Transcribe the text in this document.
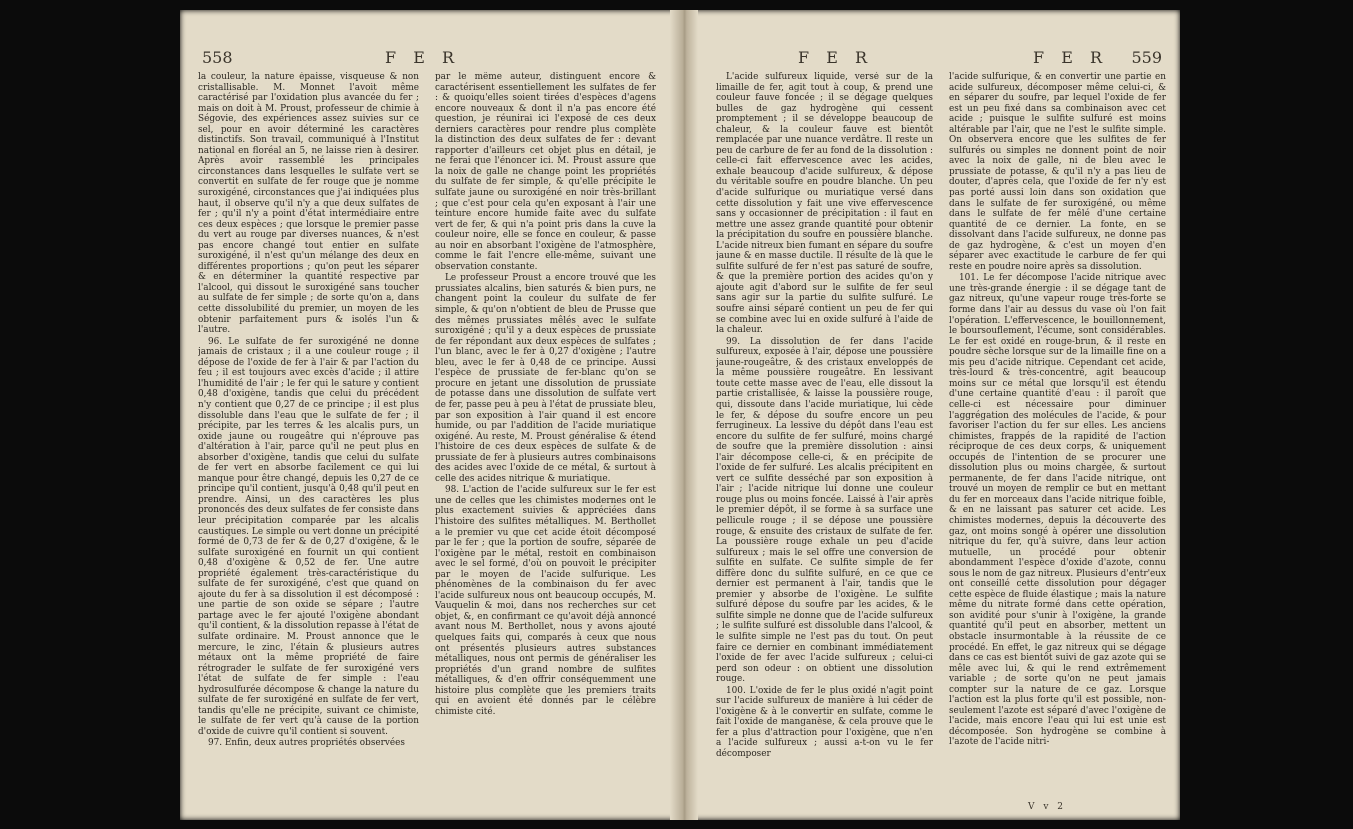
558	F E R

la couleur, la nature épaisse, visqueuse & non cristallisable. M. Monnet l'avoit même caractérisé par l'oxidation plus avancée du fer ; mais on doit à M. Proust, professeur de chimie à Ségovie, des expériences assez suivies sur ce sel, pour en avoir déterminé les caractères distinctifs. Son travail, communiqué à l'Institut national en floréal an 5, ne laisse rien à desirer. Après avoir rassemblé les principales circonstances dans lesquelles le sulfate vert se convertit en sulfate de fer rouge que je nomme suroxigéné, circonstances que j'ai indiquées plus haut, il observe qu'il n'y a que deux sulfates de fer ; qu'il n'y a point d'état intermédiaire entre ces deux espèces ; que lorsque le premier passe du vert au rouge par diverses nuances, & n'est pas encore changé tout entier en sulfate suroxigéné, il n'est qu'un mélange des deux en différentes proportions ; qu'on peut les séparer & en déterminer la quantité respective par l'alcool, qui dissout le suroxigéné sans toucher au sulfate de fer simple ; de sorte qu'on a, dans cette dissolubilité du premier, un moyen de les obtenir parfaitement purs & isolés l'un & l'autre.

96. Le sulfate de fer suroxigéné ne donne jamais de cristaux ; il a une couleur rouge ; il dépose de l'oxide de fer à l'air & par l'action du feu ; il est toujours avec excès d'acide ; il attire l'humidité de l'air ; le fer qui le sature y contient 0,48 d'oxigène, tandis que celui du précédent n'y contient que 0,27 de ce principe ; il est plus dissoluble dans l'eau que le sulfate de fer ; il précipite, par les terres & les alcalis purs, un oxide jaune ou rougeâtre qui n'éprouve pas d'altération à l'air, parce qu'il ne peut plus en absorber d'oxigène, tandis que celui du sulfate de fer vert en absorbe facilement ce qui lui manque pour être changé, depuis les 0,27 de ce principe qu'il contient, jusqu'à 0,48 qu'il peut en prendre. Ainsi, un des caractères les plus prononcés des deux sulfates de fer consiste dans leur précipitation comparée par les alcalis caustiques. Le simple ou vert donne un précipité formé de 0,73 de fer & de 0,27 d'oxigène, & le sulfate suroxigéné en fournit un qui contient 0,48 d'oxigène & 0,52 de fer. Une autre propriété également très-caractéristique du sulfate de fer suroxigéné, c'est que quand on ajoute du fer à sa dissolution il est décomposé : une partie de son oxide se sépare ; l'autre partage avec le fer ajouté l'oxigène abondant qu'il contient, & la dissolution repasse à l'état de sulfate ordinaire. M. Proust annonce que le mercure, le zinc, l'étain & plusieurs autres métaux ont la même propriété de faire rétrograder le sulfate de fer suroxigéné vers l'état de sulfate de fer simple : l'eau hydrosulfurée décompose & change la nature du sulfate de fer suroxigéné en sulfate de fer vert, tandis qu'elle ne précipite, suivant ce chimiste, le sulfate de fer vert qu'à cause de la portion d'oxide de cuivre qu'il contient si souvent.

97. Enfin, deux autres propriétés observées

par le même auteur, distinguent encore & caractérisent essentiellement les sulfates de fer : & quoiqu'elles soient tirées d'espèces d'agens encore nouveaux & dont il n'a pas encore été question, je réunirai ici l'exposé de ces deux derniers caractères pour rendre plus complète la distinction des deux sulfates de fer : devant rapporter d'ailleurs cet objet plus en détail, je ne ferai que l'énoncer ici. M. Proust assure que la noix de galle ne change point les propriétés du sulfate de fer simple, & qu'elle précipite le sulfate jaune ou suroxigéné en noir très-brillant ; que c'est pour cela qu'en exposant à l'air une teinture encore humide faite avec du sulfate vert de fer, & qui n'a point pris dans la cuve la couleur noire, elle se fonce en couleur, & passe au noir en absorbant l'oxigène de l'atmosphère, comme le fait l'encre elle-même, suivant une observation constante.

Le professeur Proust a encore trouvé que les prussiates alcalins, bien saturés & bien purs, ne changent point la couleur du sulfate de fer simple, & qu'on n'obtient de bleu de Prusse que des mêmes prussiates mêlés avec le sulfate suroxigéné ; qu'il y a deux espèces de prussiate de fer répondant aux deux espèces de sulfates ; l'un blanc, avec le fer à 0,27 d'oxigène ; l'autre bleu, avec le fer à 0,48 de ce principe. Aussi l'espèce de prussiate de fer-blanc qu'on se procure en jetant une dissolution de prussiate de potasse dans une dissolution de sulfate vert de fer, passe peu à peu à l'état de prussiate bleu, par son exposition à l'air quand il est encore humide, ou par l'addition de l'acide muriatique oxigéné. Au reste, M. Proust généralise & étend l'histoire de ces deux espèces de sulfate & de prussiate de fer à plusieurs autres combinaisons des acides avec l'oxide de ce métal, & surtout à celle des acides nitrique & muriatique.

98. L'action de l'acide sulfureux sur le fer est une de celles que les chimistes modernes ont le plus exactement suivies & appréciées dans l'histoire des sulfites métalliques. M. Berthollet a le premier vu que cet acide étoit décomposé par le fer ; que la portion de soufre, séparée de l'oxigène par le métal, restoit en combinaison avec le sel formé, d'où on pouvoit le précipiter par le moyen de l'acide sulfurique. Les phénomènes de la combinaison du fer avec l'acide sulfureux nous ont beaucoup occupés, M. Vauquelin & moi, dans nos recherches sur cet objet, &, en confirmant ce qu'avoit déjà annoncé avant nous M. Berthollet, nous y avons ajouté quelques faits qui, comparés à ceux que nous ont présentés plusieurs autres substances métalliques, nous ont permis de généraliser les propriétés d'un grand nombre de sulfites métalliques, & d'en offrir conséquemment une histoire plus complète que les premiers traits qui en avoient été donnés par le célèbre chimiste cité.

F E R	F E R 559

L'acide sulfureux liquide, versé sur de la limaille de fer, agit tout à coup, & prend une couleur fauve foncée ; il se dégage quelques bulles de gaz hydrogène qui cessent promptement ; il se développe beaucoup de chaleur, & la couleur fauve est bientôt remplacée par une nuance verdâtre. Il reste un peu de carbure de fer au fond de la dissolution : celle-ci fait effervescence avec les acides, exhale beaucoup d'acide sulfureux, & dépose du véritable soufre en poudre blanche. Un peu d'acide sulfurique ou muriatique versé dans cette dissolution y fait une vive effervescence sans y occasionner de précipitation : il faut en mettre une assez grande quantité pour obtenir la précipitation du soufre en poussière blanche. L'acide nitreux bien fumant en sépare du soufre jaune & en masse ductile. Il résulte de là que le sulfite sulfuré de fer n'est pas saturé de soufre, & que la première portion des acides qu'on y ajoute agit d'abord sur le sulfite de fer seul sans agir sur la partie du sulfite sulfuré. Le soufre ainsi séparé contient un peu de fer qui se combine avec lui en oxide sulfuré à l'aide de la chaleur.

99. La dissolution de fer dans l'acide sulfureux, exposée à l'air, dépose une poussière jaune-rougeâtre, & des cristaux enveloppés de la même poussière rougeâtre. En lessivant toute cette masse avec de l'eau, elle dissout la partie cristallisée, & laisse la poussière rouge, qui, dissoute dans l'acide muriatique, lui cède le fer, & dépose du soufre encore un peu ferrugineux. La lessive du dépôt dans l'eau est encore du sulfite de fer sulfuré, moins chargé de soufre que la première dissolution : ainsi l'air décompose celle-ci, & en précipite de l'oxide de fer sulfuré. Les alcalis précipitent en vert ce sulfite desséché par son exposition à l'air ; l'acide nitrique lui donne une couleur rouge plus ou moins foncée. Laissé à l'air après le premier dépôt, il se forme à sa surface une pellicule rouge ; il se dépose une poussière rouge, & ensuite des cristaux de sulfate de fer. La poussière rouge exhale un peu d'acide sulfureux ; mais le sel offre une conversion de sulfite en sulfate. Ce sulfite simple de fer diffère donc du sulfite sulfuré, en ce que ce dernier est permanent à l'air, tandis que le premier y absorbe de l'oxigène. Le sulfite sulfuré dépose du soufre par les acides, & le sulfite simple ne donne que de l'acide sulfureux ; le sulfite sulfuré est dissoluble dans l'alcool, & le sulfite simple ne l'est pas du tout. On peut faire ce dernier en combinant immédiatement l'oxide de fer avec l'acide sulfureux ; celui-ci perd son odeur : on obtient une dissolution rouge.

100. L'oxide de fer le plus oxidé n'agit point sur l'acide sulfureux de manière à lui céder de l'oxigène & à le convertir en sulfate, comme le fait l'oxide de manganèse, & cela prouve que le fer a plus d'attraction pour l'oxigène, que n'en a l'acide sulfureux ; aussi a-t-on vu le fer décomposer

l'acide sulfurique, & en convertir une partie en acide sulfureux, décomposer même celui-ci, & en séparer du soufre, par lequel l'oxide de fer est un peu fixé dans sa combinaison avec cet acide ; puisque le sulfite sulfuré est moins altérable par l'air, que ne l'est le sulfite simple. On observera encore que les sulfites de fer sulfurés ou simples ne donnent point de noir avec la noix de galle, ni de bleu avec le prussiate de potasse, & qu'il n'y a pas lieu de douter, d'après cela, que l'oxide de fer n'y est pas porté aussi loin dans son oxidation que dans le sulfate de fer suroxigéné, ou même dans le sulfate de fer mêlé d'une certaine quantité de ce dernier. La fonte, en se dissolvant dans l'acide sulfureux, ne donne pas de gaz hydrogène, & c'est un moyen d'en séparer avec exactitude le carbure de fer qui reste en poudre noire après sa dissolution.

101. Le fer décompose l'acide nitrique avec une très-grande énergie : il se dégage tant de gaz nitreux, qu'une vapeur rouge très-forte se forme dans l'air au dessus du vase où l'on fait l'opération. L'effervescence, le bouillonnement, le boursouflement, l'écume, sont considérables. Le fer est oxidé en rouge-brun, & il reste en poudre sèche lorsque sur de la limaille fine on a mis peu d'acide nitrique. Cependant cet acide, très-lourd & très-concentré, agit beaucoup moins sur ce métal que lorsqu'il est étendu d'une certaine quantité d'eau : il paroît que celle-ci est nécessaire pour diminuer l'aggrégation des molécules de l'acide, & pour favoriser l'action du fer sur elles. Les anciens chimistes, frappés de la rapidité de l'action réciproque de ces deux corps, & uniquement occupés de l'intention de se procurer une dissolution plus ou moins chargée, & surtout permanente, de fer dans l'acide nitrique, ont trouvé un moyen de remplir ce but en mettant du fer en morceaux dans l'acide nitrique foible, & en ne laissant pas saturer cet acide. Les chimistes modernes, depuis la découverte des gaz, ont moins songé à opérer une dissolution nitrique du fer, qu'à suivre, dans leur action mutuelle, un procédé pour obtenir abondamment l'espèce d'oxide d'azote, connu sous le nom de gaz nitreux. Plusieurs d'entr'eux ont conseillé cette dissolution pour dégager cette espèce de fluide élastique ; mais la nature même du nitrate formé dans cette opération, son avidité pour s'unir à l'oxigène, la grande quantité qu'il peut en absorber, mettent un obstacle insurmontable à la réussite de ce procédé. En effet, le gaz nitreux qui se dégage dans ce cas est bientôt suivi de gaz azote qui se mêle avec lui, & qui le rend extrêmement variable ; de sorte qu'on ne peut jamais compter sur la nature de ce gaz. Lorsque l'action est la plus forte qu'il est possible, non-seulement l'azote est séparé d'avec l'oxigène de l'acide, mais encore l'eau qui lui est unie est décomposée. Son hydrogène se combine à l'azote de l'acide nitri-

V v 2
